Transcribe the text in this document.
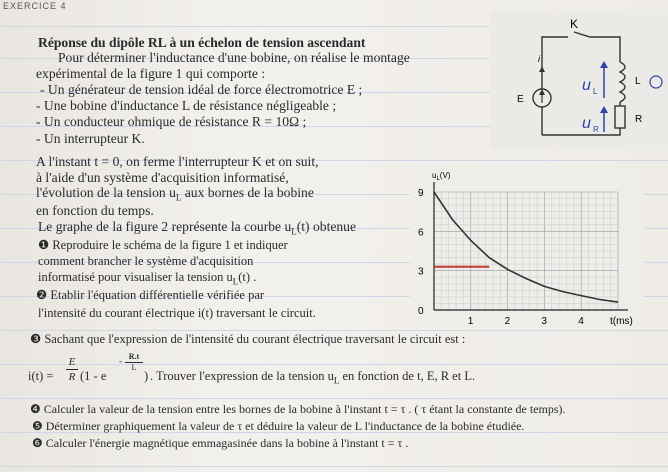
EXERCICE 4
Réponse du dipôle RL à un échelon de tension ascendant
Pour déterminer l'inductance d'une bobine, on réalise le montage
expérimental de la figure 1 qui comporte :
- Un générateur de tension idéal de force électromotrice E ;
- Une bobine d'inductance L de résistance négligeable ;
- Un conducteur ohmique de résistance R = 10Ω ;
- Un interrupteur K.
A l'instant t = 0, on ferme l'interrupteur K et on suit,
à l'aide d'un système d'acquisition informatisé,
l'évolution de la tension $u_L$ aux bornes de la bobine
en fonction du temps.
Le graphe de la figure 2 représente la courbe $u_L(t)$ obtenue
❶ Reproduire le schéma de la figure 1 et indiquer
comment brancher le système d'acquisition
informatisé pour visualiser la tension $u_L(t)$ .
❷ Etablir l'équation différentielle vérifiée par
l'intensité du courant électrique i(t) traversant le circuit.
❸ Sachant que l'expression de l'intensité du courant électrique traversant le circuit est :
i(t) =
E
R (1 - e
- R.t
L
) . Trouver l'expression de la tension $u_L$ en fonction de t, E, R et L.
❹ Calculer la valeur de la tension entre les bornes de la bobine à l'instant t = τ . ( τ étant la constante de temps).
❺ Déterminer graphiquement la valeur de τ et déduire la valeur de L l'inductance de la bobine étudiée.
❻ Calculer l'énergie magnétique emmagasinée dans la bobine à l'instant t = τ .
K
i
E
L
R
u L
u R
9
6
3
0
1	2	3	4
$u_L(V)$
t(ms)
